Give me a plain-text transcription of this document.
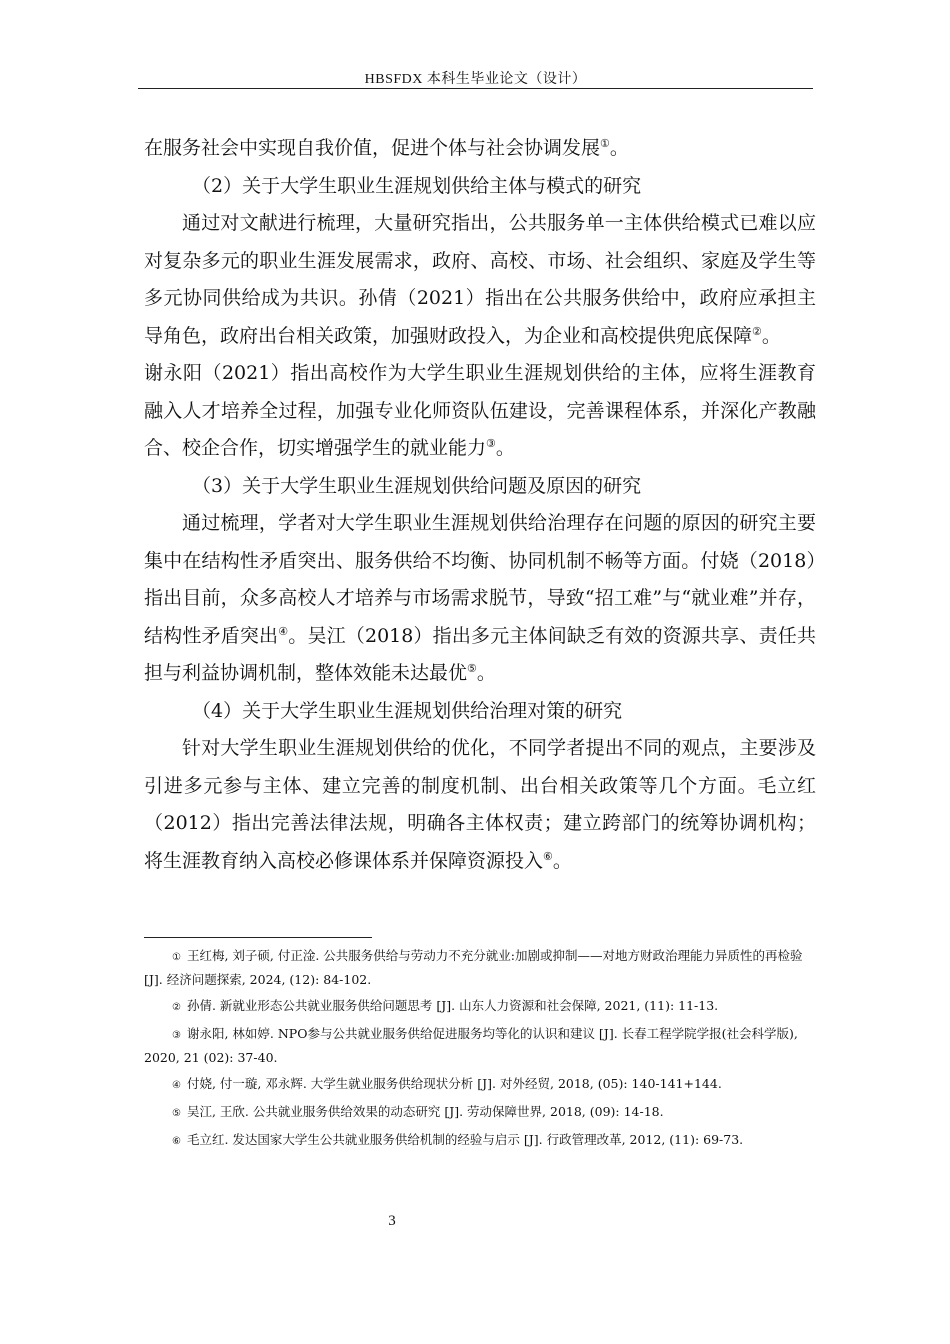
HBSFDX 本科生毕业论文（设计）

在服务社会中实现自我价值，促进个体与社会协调发展①。

（2）关于大学生职业生涯规划供给主体与模式的研究

通过对文献进行梳理，大量研究指出，公共服务单一主体供给模式已难以应对复杂多元的职业生涯发展需求，政府、高校、市场、社会组织、家庭及学生等多元协同供给成为共识。孙倩（2021）指出在公共服务供给中，政府应承担主导角色，政府出台相关政策，加强财政投入，为企业和高校提供兜底保障②。

谢永阳（2021）指出高校作为大学生职业生涯规划供给的主体，应将生涯教育融入人才培养全过程，加强专业化师资队伍建设，完善课程体系，并深化产教融合、校企合作，切实增强学生的就业能力③。

（3）关于大学生职业生涯规划供给问题及原因的研究

通过梳理，学者对大学生职业生涯规划供给治理存在问题的原因的研究主要集中在结构性矛盾突出、服务供给不均衡、协同机制不畅等方面。付娆（2018）指出目前，众多高校人才培养与市场需求脱节，导致“招工难”与“就业难”并存，结构性矛盾突出④。吴江（2018）指出多元主体间缺乏有效的资源共享、责任共担与利益协调机制，整体效能未达最优⑤。

（4）关于大学生职业生涯规划供给治理对策的研究

针对大学生职业生涯规划供给的优化，不同学者提出不同的观点，主要涉及引进多元参与主体、建立完善的制度机制、出台相关政策等几个方面。毛立红（2012）指出完善法律法规，明确各主体权责；建立跨部门的统筹协调机构；将生涯教育纳入高校必修课体系并保障资源投入⑥。

① 王红梅, 刘子硕, 付正淦. 公共服务供给与劳动力不充分就业:加剧或抑制——对地方财政治理能力异质性的再检验 [J]. 经济问题探索, 2024, (12): 84-102.

② 孙倩. 新就业形态公共就业服务供给问题思考 [J]. 山东人力资源和社会保障, 2021, (11): 11-13.

③ 谢永阳, 林如婷. NPO参与公共就业服务供给促进服务均等化的认识和建议 [J]. 长春工程学院学报(社会科学版), 2020, 21 (02): 37-40.

④ 付娆, 付一璇, 邓永辉. 大学生就业服务供给现状分析 [J]. 对外经贸, 2018, (05): 140-141+144.

⑤ 吴江, 王欣. 公共就业服务供给效果的动态研究 [J]. 劳动保障世界, 2018, (09): 14-18.

⑥ 毛立红. 发达国家大学生公共就业服务供给机制的经验与启示 [J]. 行政管理改革, 2012, (11): 69-73.

3
